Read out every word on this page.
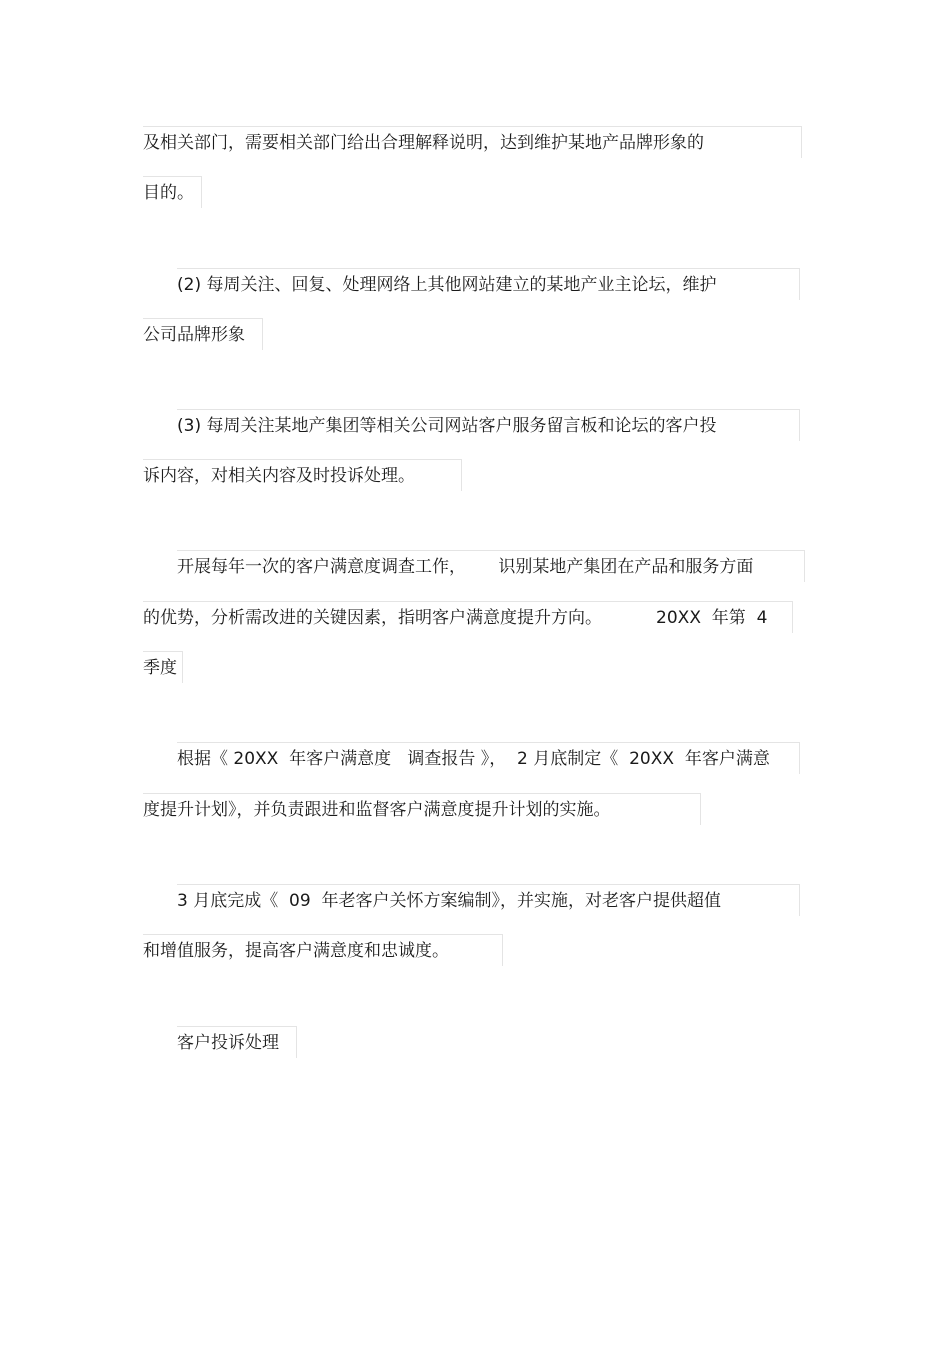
及相关部门，需要相关部门给出合理解释说明，达到维护某地产品牌形象的
目的。
(2) 每周关注、回复、处理网络上其他网站建立的某地产业主论坛，维护
公司品牌形象
(3) 每周关注某地产集团等相关公司网站客户服务留言板和论坛的客户投
诉内容，对相关内容及时投诉处理。
开展每年一次的客户满意度调查工作，      识别某地产集团在产品和服务方面
的优势，分析需改进的关键因素，指明客户满意度提升方向。          20XX  年第  4
季度
根据《 20XX  年客户满意度   调查报告 》，  2 月底制定《  20XX  年客户满意
度提升计划》，并负责跟进和监督客户满意度提升计划的实施。
3 月底完成《  09  年老客户关怀方案编制》，并实施，对老客户提供超值
和增值服务，提高客户满意度和忠诚度。
客户投诉处理
